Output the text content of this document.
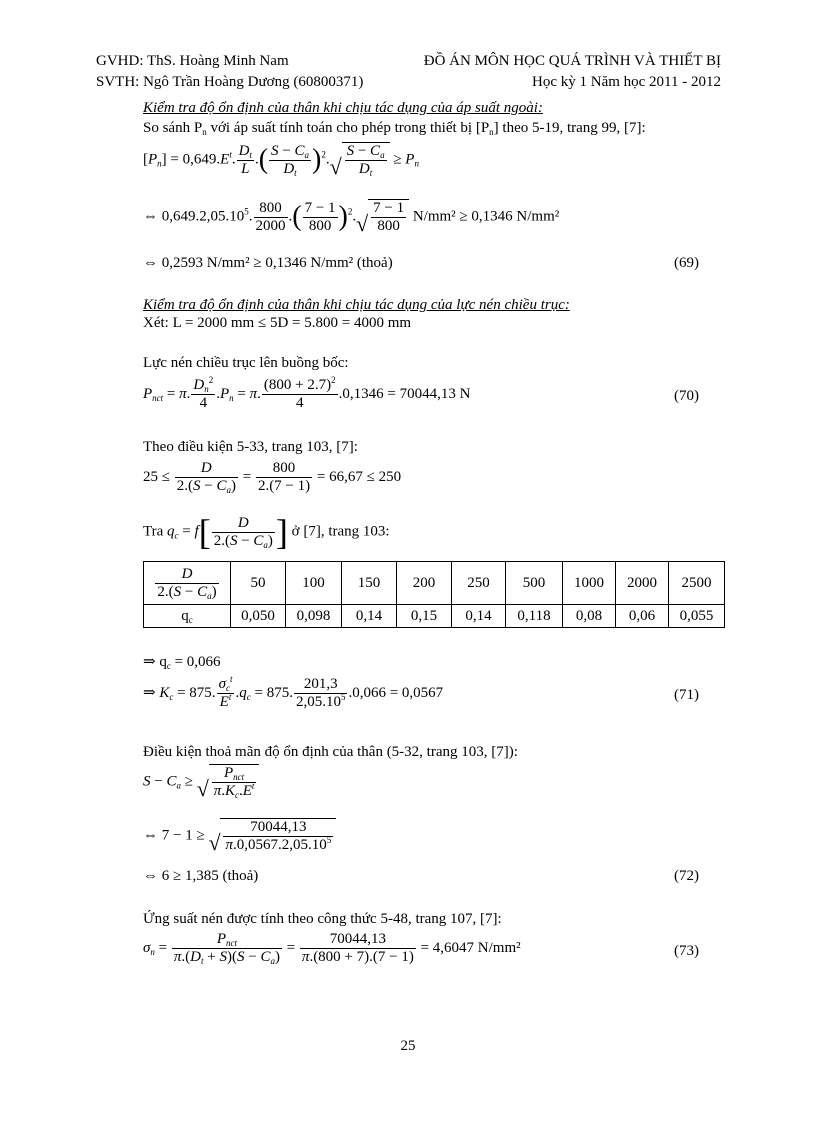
GVHD: ThS. Hoàng Minh Nam
SVTH: Ngô Trần Hoàng Dương (60800371)
ĐỒ ÁN MÔN HỌC QUÁ TRÌNH VÀ THIẾT BỊ
Học kỳ 1 Năm học 2011 - 2012
Kiểm tra độ ổn định của thân khi chịu tác dụng của áp suất ngoài:
So sánh $P_n$ với áp suất tính toán cho phép trong thiết bị $[P_n]$ theo 5-19, trang 99, [7]:
$[P_n] = 0,649.E^t$. $\frac{D_t}{L}$ .( $\frac{S - C_a}{D_t} )^2$. √ $\frac{S - C_a}{D_t} \ge P_n$
⇔ 0,649.2,05.10$^5$. $\frac{800}{2000}$ .( $\frac{7 - 1}{800} )^2$. √ $\frac{7 - 1}{800} N/mm^2 \ge 0,1346$ N/mm²
⇔ 0,2593 N/mm² ≥ 0,1346 N/mm² (thoả)	(69)
Kiểm tra độ ổn định của thân khi chịu tác dụng của lực nén chiều trục:
Xét: L = 2000 mm ≤ 5D = 5.800 = 4000 mm
Lực nén chiều trục lên buồng bốc:
$P_{nct} = \pi$. $\frac{D_n^2}{4} .P_n = \pi$. $\frac{(800 + 2.7)^2}{4} .0,1346 = 70044,13$ N	(70)
Theo điều kiện 5-33, trang 103, [7]:
$25 \le \frac{D}{2.(S - C_a)} = \frac{800}{2.(7 - 1)} = 66,67 \le 250$
Tra $q_c = f[ \frac{D}{2.(S - C_a)}$ ] ở [7], trang 103:
$\frac{D}{2.(S - C_a)}$	50	100	150	200	250	500	1000	2000	2500
$q_c$	0,050	0,098	0,14	0,15	0,14	0,118	0,08	0,06	0,055
⇒ $q_c = 0,066$
⇒ $K_c = 875$.
$\sigma_c^t$
$E^t$ $.q_c = 875$. $\frac{201,3}{2,05.10^5} .0,066 = 0,0567$	(71)
Điều kiện thoả mãn độ ổn định của thân (5-32, trang 103, [7]):
$S - C_a$ ≥ √
$P_{nct}$
$\pi.K_c.E^t$
⇔ 7 − 1 ≥ √ $\frac{70044,13}{\pi.0,0567.2,05.10^5}$
⇔ 6 ≥ 1,385 (thoả)	(72)
Ứng suất nén được tính theo công thức 5-48, trang 107, [7]:
$\sigma_n$ =
$P_{nct}$
$\pi.(D_t + S)(S - C_a)$
= $\frac{70044,13}{\pi.(800 + 7).(7 - 1)} = 4,6047$ N/mm²	(73)
25
